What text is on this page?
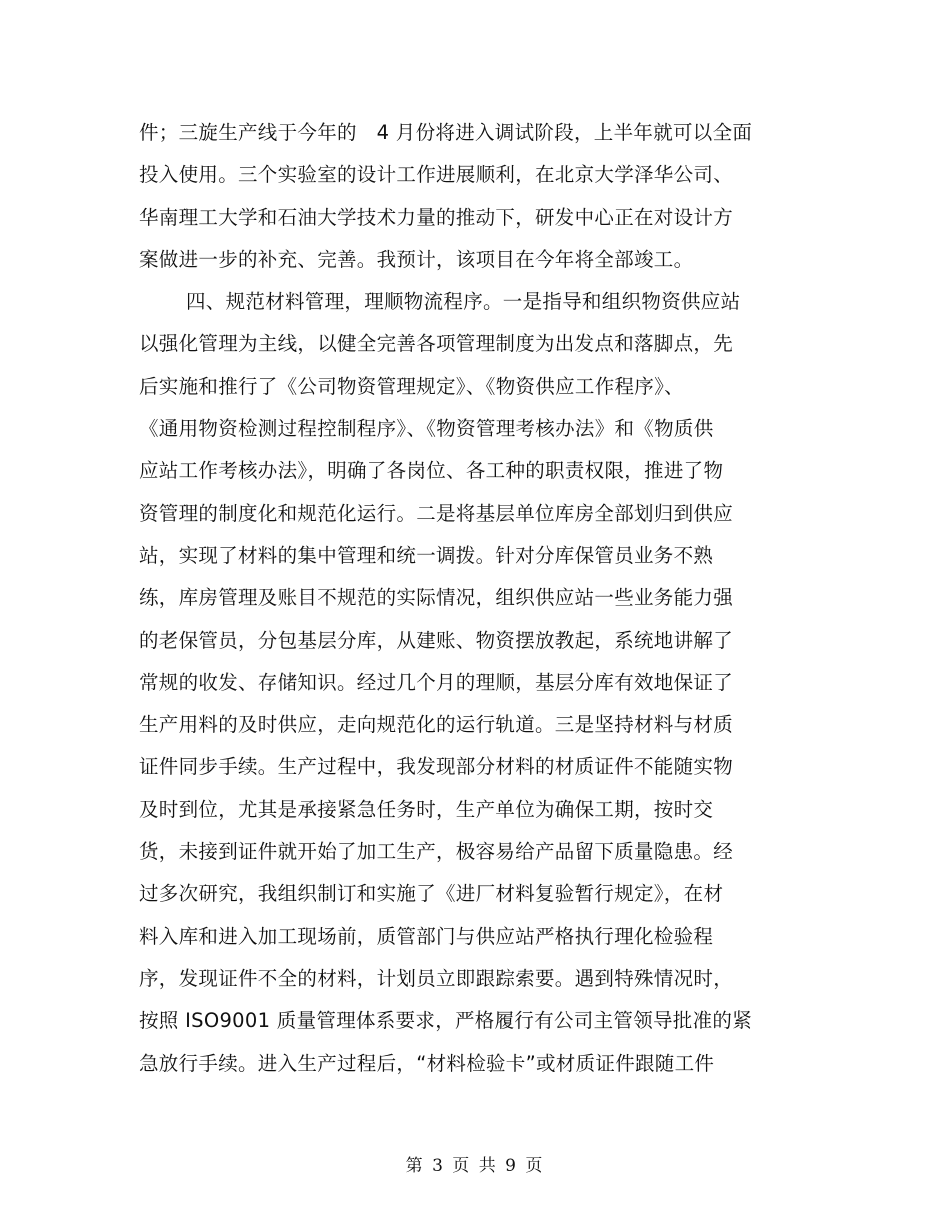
件；三旋生产线于今年的　4 月份将进入调试阶段，上半年就可以全面
投入使用。三个实验室的设计工作进展顺利，在北京大学泽华公司、
华南理工大学和石油大学技术力量的推动下，研发中心正在对设计方
案做进一步的补充、完善。我预计，该项目在今年将全部竣工。
四、规范材料管理，理顺物流程序。一是指导和组织物资供应站
以强化管理为主线，以健全完善各项管理制度为出发点和落脚点，先
后实施和推行了《公司物资管理规定》、《物资供应工作程序》、
《通用物资检测过程控制程序》、《物资管理考核办法》和《物质供
应站工作考核办法》，明确了各岗位、各工种的职责权限，推进了物
资管理的制度化和规范化运行。二是将基层单位库房全部划归到供应
站，实现了材料的集中管理和统一调拨。针对分库保管员业务不熟
练，库房管理及账目不规范的实际情况，组织供应站一些业务能力强
的老保管员，分包基层分库，从建账、物资摆放教起，系统地讲解了
常规的收发、存储知识。经过几个月的理顺，基层分库有效地保证了
生产用料的及时供应，走向规范化的运行轨道。三是坚持材料与材质
证件同步手续。生产过程中，我发现部分材料的材质证件不能随实物
及时到位，尤其是承接紧急任务时，生产单位为确保工期，按时交
货，未接到证件就开始了加工生产，极容易给产品留下质量隐患。经
过多次研究，我组织制订和实施了《进厂材料复验暂行规定》，在材
料入库和进入加工现场前，质管部门与供应站严格执行理化检验程
序，发现证件不全的材料，计划员立即跟踪索要。遇到特殊情况时，
按照 ISO9001 质量管理体系要求，严格履行有公司主管领导批准的紧
急放行手续。进入生产过程后，“材料检验卡”或材质证件跟随工件
第 3 页 共 9 页
